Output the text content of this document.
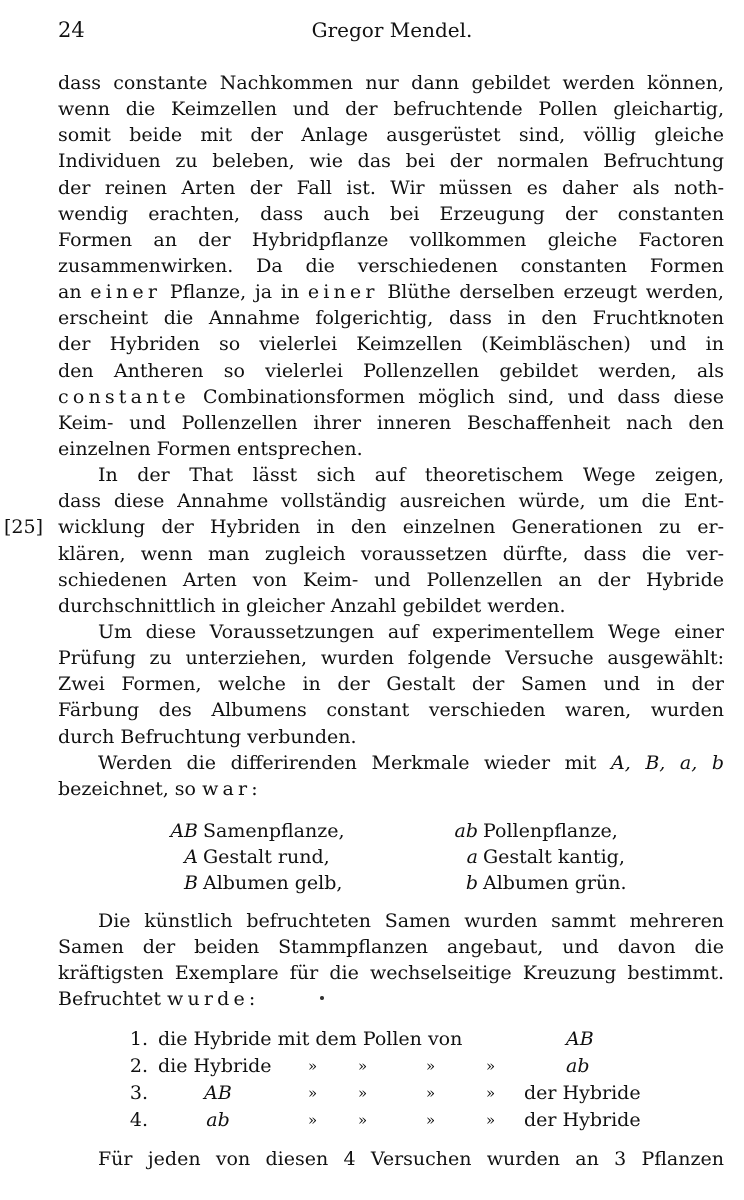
24	Gregor Mendel.
[25]
dass constante Nachkommen nur dann gebildet werden können,
wenn die Keimzellen und der befruchtende Pollen gleichartig,
somit beide mit der Anlage ausgerüstet sind, völlig gleiche
Individuen zu beleben, wie das bei der normalen Befruchtung
der reinen Arten der Fall ist. Wir müssen es daher als noth-
wendig erachten, dass auch bei Erzeugung der constanten
Formen an der Hybridpflanze vollkommen gleiche Factoren
zusammenwirken. Da die verschiedenen constanten Formen
an einer Pflanze, ja in einer Blüthe derselben erzeugt werden,
erscheint die Annahme folgerichtig, dass in den Fruchtknoten
der Hybriden so vielerlei Keimzellen (Keimbläschen) und in
den Antheren so vielerlei Pollenzellen gebildet werden, als
constante Combinationsformen möglich sind, und dass diese
Keim- und Pollenzellen ihrer inneren Beschaffenheit nach den
einzelnen Formen entsprechen.
In der That lässt sich auf theoretischem Wege zeigen,
dass diese Annahme vollständig ausreichen würde, um die Ent-
wicklung der Hybriden in den einzelnen Generationen zu er-
klären, wenn man zugleich voraussetzen dürfte, dass die ver-
schiedenen Arten von Keim- und Pollenzellen an der Hybride
durchschnittlich in gleicher Anzahl gebildet werden.
Um diese Voraussetzungen auf experimentellem Wege einer
Prüfung zu unterziehen, wurden folgende Versuche ausgewählt:
Zwei Formen, welche in der Gestalt der Samen und in der
Färbung des Albumens constant verschieden waren, wurden
durch Befruchtung verbunden.
Werden die differirenden Merkmale wieder mit A, B, a, b
bezeichnet, so war:
AB Samenpflanze,	ab Pollenpflanze,
A Gestalt rund,	a Gestalt kantig,
B Albumen gelb,	b Albumen grün.
Die künstlich befruchteten Samen wurden sammt mehreren
Samen der beiden Stammpflanzen angebaut, und davon die
kräftigsten Exemplare für die wechselseitige Kreuzung bestimmt.
Befruchtet wurde:
1. die Hybride mit dem Pollen von	AB
2. die Hybride »	»	»	»	ab
3.	AB	»	»	»	» der Hybride
4.	ab	»	»	»	» der Hybride
Für jeden von diesen 4 Versuchen wurden an 3 Pflanzen
